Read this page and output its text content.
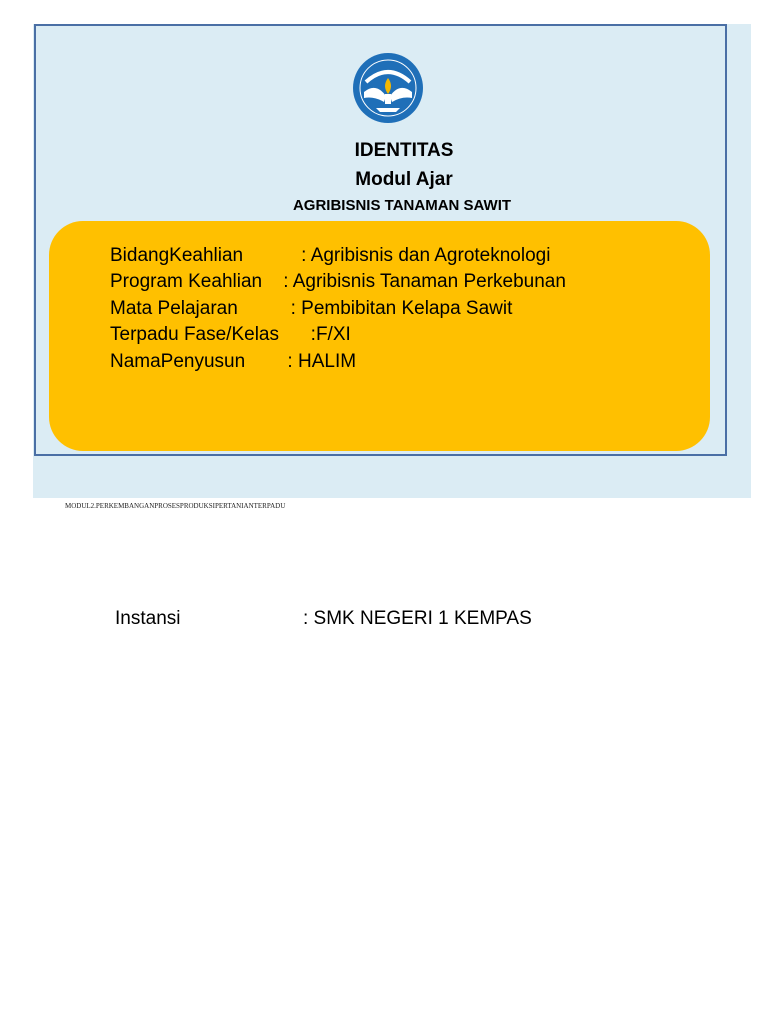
IDENTITAS
Modul Ajar
AGRIBISNIS TANAMAN SAWIT
BidangKeahlian           : Agribisnis dan Agroteknologi
Program Keahlian    : Agribisnis Tanaman Perkebunan
Mata Pelajaran          : Pembibitan Kelapa Sawit
Terpadu Fase/Kelas      :F/XI
NamaPenyusun        : HALIM
MODUL2.PERKEMBANGANPROSESPRODUKSIPERTANIANTERPADU
Instansi	: SMK NEGERI 1 KEMPAS
